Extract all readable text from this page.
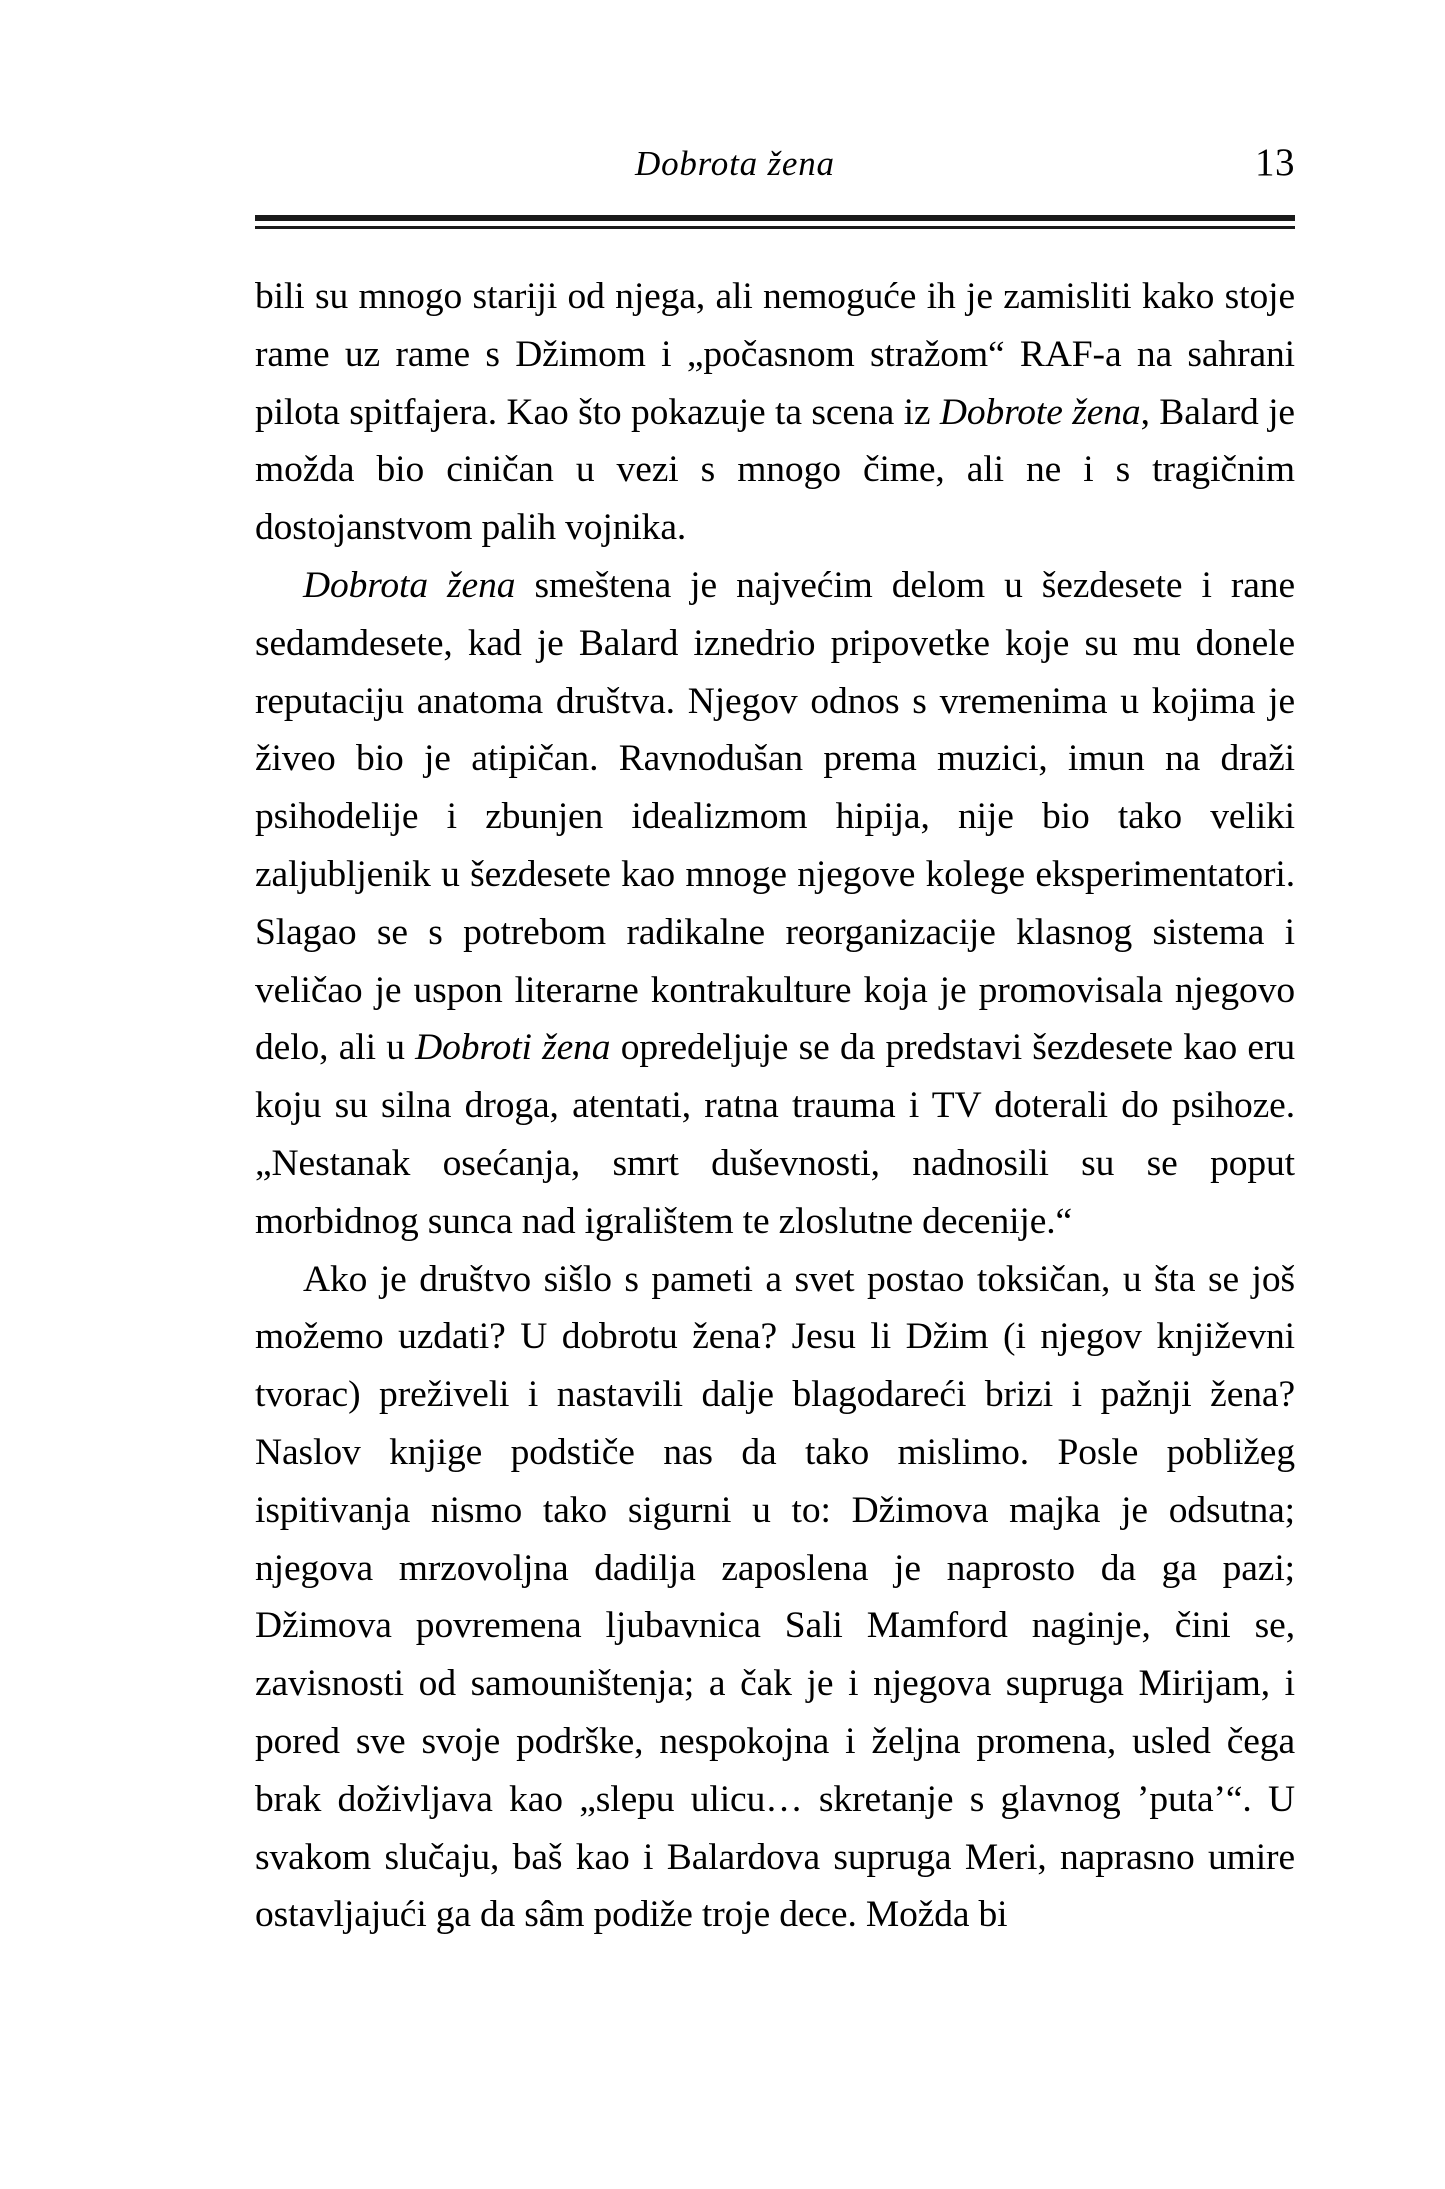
Dobrota žena	13

bili su mnogo stariji od njega, ali nemoguće ih je zamisliti kako stoje rame uz rame s Džimom i „počasnom stražom“ RAF-a na sahrani pilota spitfajera. Kao što pokazuje ta scena iz Dobrote žena, Balard je možda bio ciničan u vezi s mnogo čime, ali ne i s tragičnim dostojanstvom palih vojnika.

Dobrota žena smeštena je najvećim delom u šezdesete i rane sedamdesete, kad je Balard iznedrio pripovetke koje su mu donele reputaciju anatoma društva. Njegov odnos s vremenima u kojima je živeo bio je atipičan. Ravnodušan prema muzici, imun na draži psihodelije i zbunjen idealizmom hipija, nije bio tako veliki zaljubljenik u šezdesete kao mnoge njegove kolege eksperimentatori. Slagao se s potrebom radikalne reorganizacije klasnog sistema i veličao je uspon literarne kontrakulture koja je promovisala njegovo delo, ali u Dobroti žena opredeljuje se da predstavi šezdesete kao eru koju su silna droga, atentati, ratna trauma i TV doterali do psihoze. „Nestanak osećanja, smrt duševnosti, nadnosili su se poput morbidnog sunca nad igralištem te zloslutne decenije.“

Ako je društvo sišlo s pameti a svet postao toksičan, u šta se još možemo uzdati? U dobrotu žena? Jesu li Džim (i njegov književni tvorac) preživeli i nastavili dalje blagodareći brizi i pažnji žena? Naslov knjige podstiče nas da tako mislimo. Posle pobližeg ispitivanja nismo tako sigurni u to: Džimova majka je odsutna; njegova mrzovoljna dadilja zaposlena je naprosto da ga pazi; Džimova povremena ljubavnica Sali Mamford naginje, čini se, zavisnosti od samouništenja; a čak je i njegova supruga Mirijam, i pored sve svoje podrške, nespokojna i željna promena, usled čega brak doživljava kao „slepu ulicu… skretanje s glavnog ’puta’“. U svakom slučaju, baš kao i Balardova supruga Meri, naprasno umire ostavljajući ga da sâm podiže troje dece. Možda bi
